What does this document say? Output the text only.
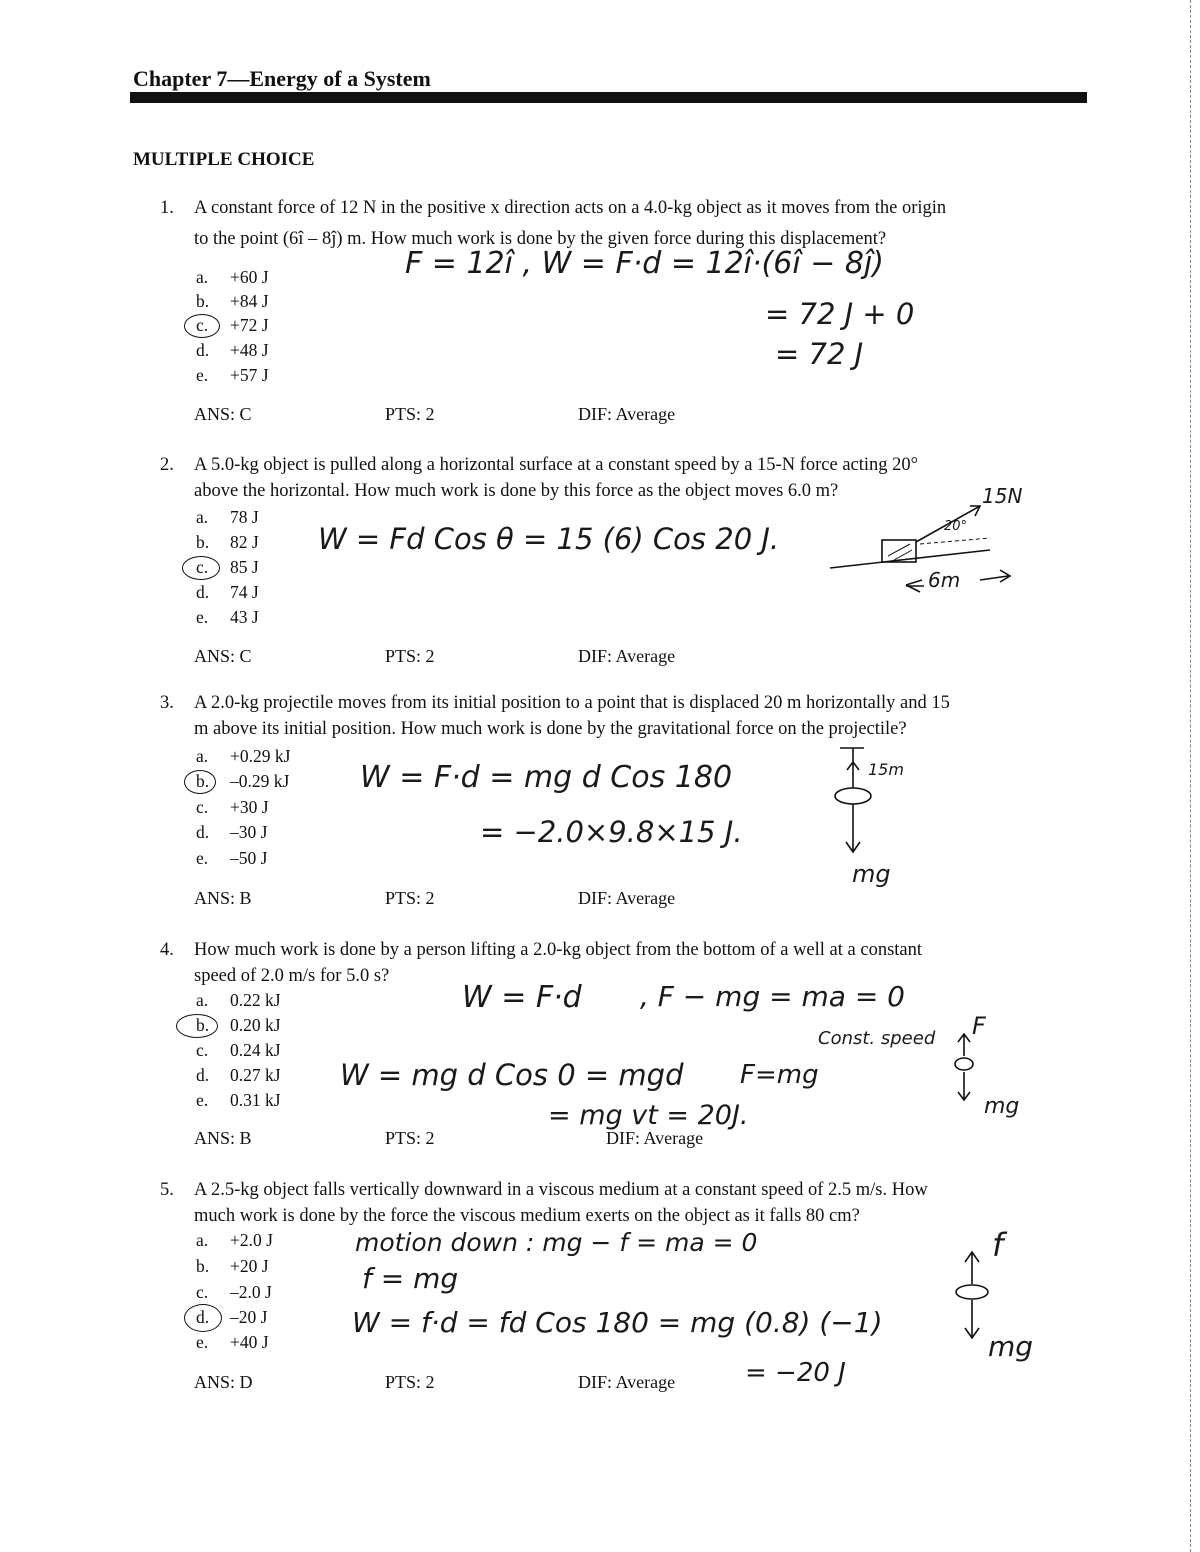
Chapter 7—Energy of a System
MULTIPLE CHOICE
1. A constant force of 12 N in the positive x direction acts on a 4.0-kg object as it moves from the origin
to the point (6î – 8ĵ) m. How much work is done by the given force during this displacement?
a. +60 J
b. +84 J
c. +72 J
d. +48 J
e. +57 J
ANS: C	PTS: 2	DIF: Average
F = 12î , W = F·d = 12î·(6î − 8ĵ)
= 72 J + 0
= 72 J
2. A 5.0-kg object is pulled along a horizontal surface at a constant speed by a 15-N force acting 20°
above the horizontal. How much work is done by this force as the object moves 6.0 m?
a. 78 J
b. 82 J
c. 85 J
d. 74 J
e. 43 J
ANS: C	PTS: 2	DIF: Average
W = Fd Cos θ = 15 (6) Cos 20 J.
15N
20°
6m
3. A 2.0-kg projectile moves from its initial position to a point that is displaced 20 m horizontally and 15
m above its initial position. How much work is done by the gravitational force on the projectile?
a. +0.29 kJ
b. –0.29 kJ
c. +30 J
d. –30 J
e. –50 J
ANS: B	PTS: 2	DIF: Average
W = F·d = mg d Cos 180
= −2.0×9.8×15 J.
15m
mg
4. How much work is done by a person lifting a 2.0-kg object from the bottom of a well at a constant
speed of 2.0 m/s for 5.0 s?
a. 0.22 kJ
b. 0.20 kJ
c. 0.24 kJ
d. 0.27 kJ
e. 0.31 kJ
ANS: B	PTS: 2	DIF: Average
W = F·d , F − mg = ma = 0
Const. speed
F=mg
W = mg d Cos 0 = mgd
= mg vt = 20J.
F
mg
5. A 2.5-kg object falls vertically downward in a viscous medium at a constant speed of 2.5 m/s. How
much work is done by the force the viscous medium exerts on the object as it falls 80 cm?
a. +2.0 J
b. +20 J
c. –2.0 J
d. –20 J
e. +40 J
ANS: D	PTS: 2	DIF: Average
motion down : mg − f = ma = 0
f = mg
W = f·d = fd Cos 180 = mg (0.8) (−1)
= −20 J
f
mg
